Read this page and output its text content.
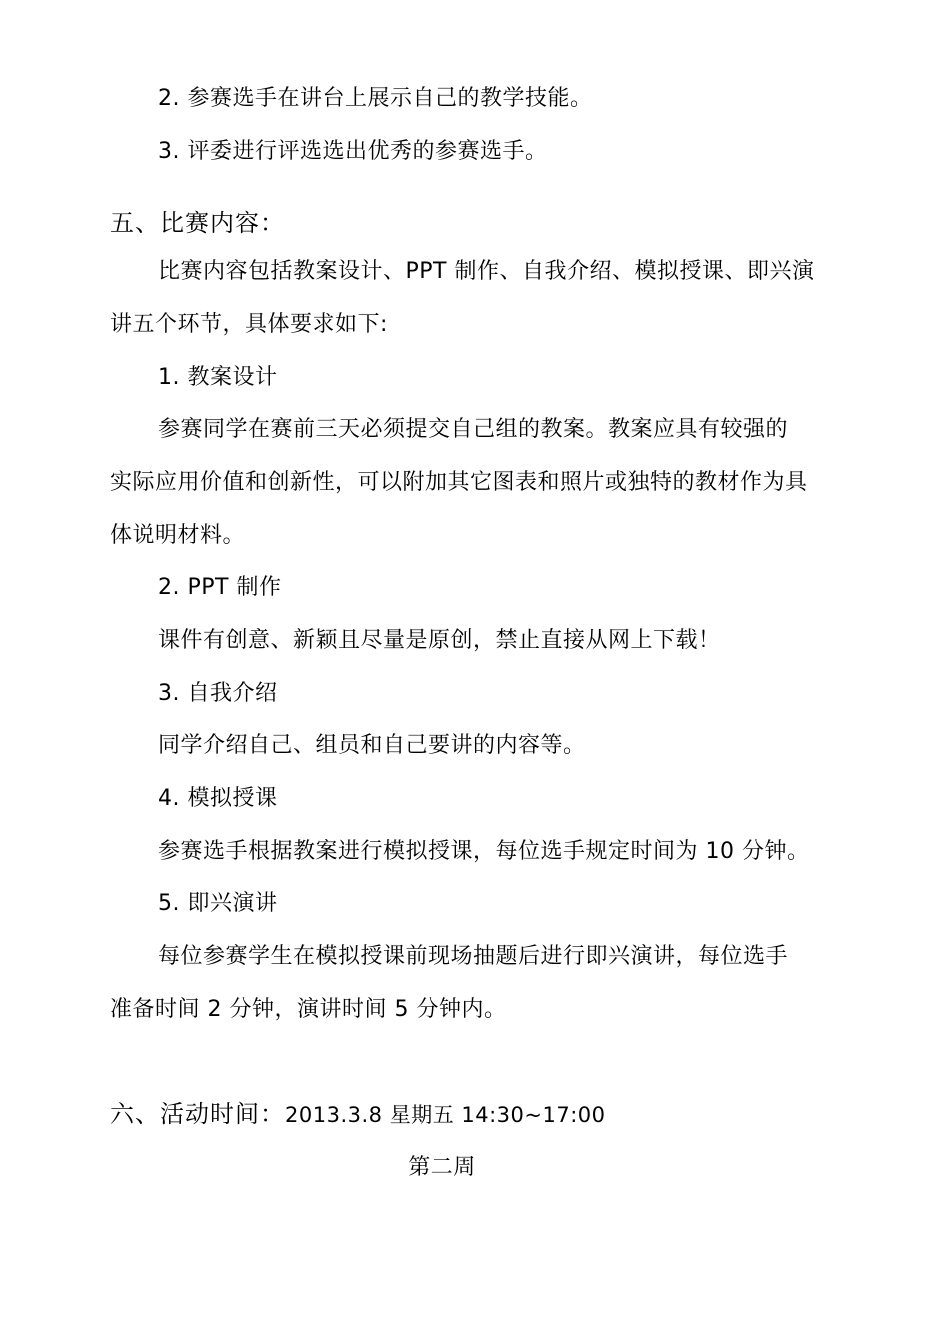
2. 参赛选手在讲台上展示自己的教学技能。
3. 评委进行评选选出优秀的参赛选手。
五、比赛内容：
比赛内容包括教案设计、PPT 制作、自我介绍、模拟授课、即兴演
讲五个环节，具体要求如下:
1. 教案设计
参赛同学在赛前三天必须提交自己组的教案。教案应具有较强的
实际应用价值和创新性，可以附加其它图表和照片或独特的教材作为具
体说明材料。
2. PPT 制作
课件有创意、新颖且尽量是原创，禁止直接从网上下载！
3. 自我介绍
同学介绍自己、组员和自己要讲的内容等。
4. 模拟授课
参赛选手根据教案进行模拟授课，每位选手规定时间为 10 分钟。
5. 即兴演讲
每位参赛学生在模拟授课前现场抽题后进行即兴演讲，每位选手
准备时间 2 分钟，演讲时间 5 分钟内。
六、活动时间：2013.3.8 星期五 14:30~17:00
第二周
